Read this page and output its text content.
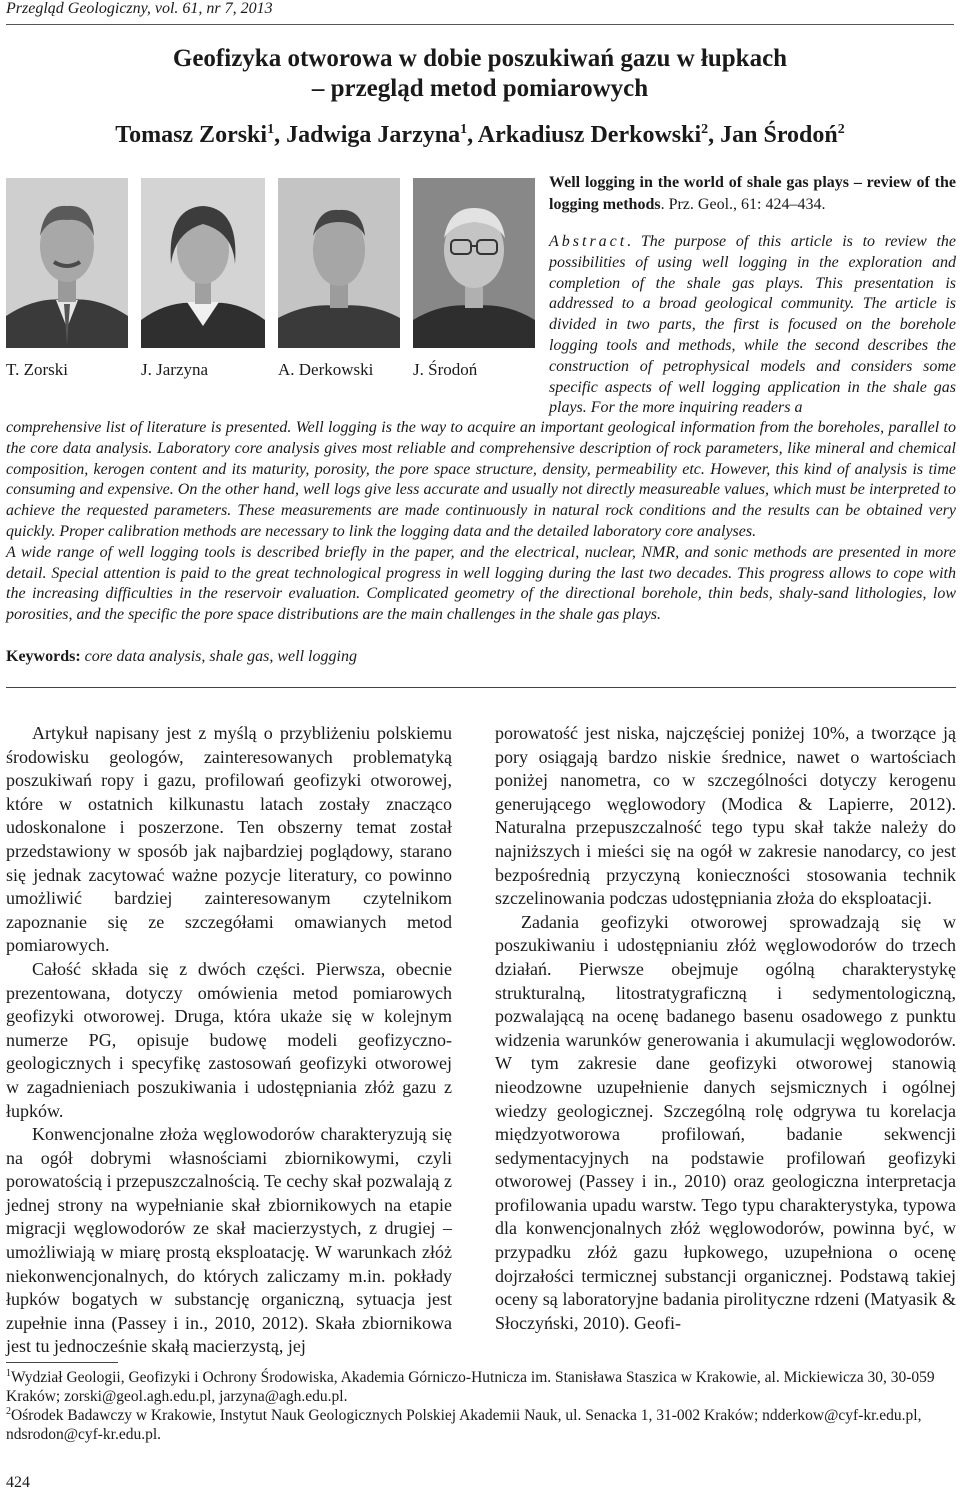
Przegląd Geologiczny, vol. 61, nr 7, 2013
Geofizyka otworowa w dobie poszukiwań gazu w łupkach
– przegląd metod pomiarowych
Tomasz Zorski$^1$, Jadwiga Jarzyna$^1$, Arkadiusz Derkowski$^2$, Jan Środoń$^2$
T. Zorski	J. Jarzyna	A. Derkowski J. Środoń
Well logging in the world of shale gas plays – review of the logging methods. Prz. Geol., 61: 424–434.
Abstract. The purpose of this article is to review the possibilities of using well logging in the exploration and completion of the shale gas plays. This presentation is addressed to a broad geological community. The article is divided in two parts, the first is focused on the borehole logging tools and methods, while the second describes the construction of petrophysical models and considers some specific aspects of well logging application in the shale gas plays. For the more inquiring readers a

comprehensive list of literature is presented. Well logging is the way to acquire an important geological information from the boreholes, parallel to the core data analysis. Laboratory core analysis gives most reliable and comprehensive description of rock parameters, like mineral and chemical composition, kerogen content and its maturity, porosity, the pore space structure, density, permeability etc. However, this kind of analysis is time consuming and expensive. On the other hand, well logs give less accurate and usually not directly measureable values, which must be interpreted to achieve the requested parameters. These measurements are made continuously in natural rock conditions and the results can be obtained very quickly. Proper calibration methods are necessary to link the logging data and the detailed laboratory core analyses.

A wide range of well logging tools is described briefly in the paper, and the electrical, nuclear, NMR, and sonic methods are presented in more detail. Special attention is paid to the great technological progress in well logging during the last two decades. This progress allows to cope with the increasing difficulties in the reservoir evaluation. Complicated geometry of the directional borehole, thin beds, shaly-sand lithologies, low porosities, and the specific the pore space distributions are the main challenges in the shale gas plays.

Keywords: core data analysis, shale gas, well logging

Artykuł napisany jest z myślą o przybliżeniu polskiemu środowisku geologów, zainteresowanych problematyką poszukiwań ropy i gazu, profilowań geofizyki otworowej, które w ostatnich kilkunastu latach zostały znacząco udoskonalone i poszerzone. Ten obszerny temat został przedstawiony w sposób jak najbardziej poglądowy, starano się jednak zacytować ważne pozycje literatury, co powinno umożliwić bardziej zainteresowanym czytelnikom zapoznanie się ze szczegółami omawianych metod pomiarowych.

Całość składa się z dwóch części. Pierwsza, obecnie prezentowana, dotyczy omówienia metod pomiarowych geofizyki otworowej. Druga, która ukaże się w kolejnym numerze PG, opisuje budowę modeli geofizyczno-geologicznych i specyfikę zastosowań geofizyki otworowej w zagadnieniach poszukiwania i udostępniania złóż gazu z łupków.

Konwencjonalne złoża węglowodorów charakteryzują się na ogół dobrymi własnościami zbiornikowymi, czyli porowatością i przepuszczalnością. Te cechy skał pozwalają z jednej strony na wypełnianie skał zbiornikowych na etapie migracji węglowodorów ze skał macierzystych, z drugiej – umożliwiają w miarę prostą eksploatację. W warunkach złóż niekonwencjonalnych, do których zaliczamy m.in. pokłady łupków bogatych w substancję organiczną, sytuacja jest zupełnie inna (Passey i in., 2010, 2012). Skała zbiornikowa jest tu jednocześnie skałą macierzystą, jej

porowatość jest niska, najczęściej poniżej 10%, a tworzące ją pory osiągają bardzo niskie średnice, nawet o wartościach poniżej nanometra, co w szczególności dotyczy kerogenu generującego węglowodory (Modica & Lapierre, 2012). Naturalna przepuszczalność tego typu skał także należy do najniższych i mieści się na ogół w zakresie nanodarcy, co jest bezpośrednią przyczyną konieczności stosowania technik szczelinowania podczas udostępniania złoża do eksploatacji.

Zadania geofizyki otworowej sprowadzają się w poszukiwaniu i udostępnianiu złóż węglowodorów do trzech działań. Pierwsze obejmuje ogólną charakterystykę strukturalną, litostratygraficzną i sedymentologiczną, pozwalającą na ocenę badanego basenu osadowego z punktu widzenia warunków generowania i akumulacji węglowodorów. W tym zakresie dane geofizyki otworowej stanowią nieodzowne uzupełnienie danych sejsmicznych i ogólnej wiedzy geologicznej. Szczególną rolę odgrywa tu korelacja międzyotworowa profilowań, badanie sekwencji sedymentacyjnych na podstawie profilowań geofizyki otworowej (Passey i in., 2010) oraz geologiczna interpretacja profilowania upadu warstw. Tego typu charakterystyka, typowa dla konwencjonalnych złóż węglowodorów, powinna być, w przypadku złóż gazu łupkowego, uzupełniona o ocenę dojrzałości termicznej substancji organicznej. Podstawą takiej oceny są laboratoryjne badania pirolityczne rdzeni (Matyasik & Słoczyński, 2010). Geofi-

$^1$Wydział Geologii, Geofizyki i Ochrony Środowiska, Akademia Górniczo-Hutnicza im. Stanisława Staszica w Krakowie, al. Mickiewicza 30, 30-059 Kraków; zorski@geol.agh.edu.pl, jarzyna@agh.edu.pl.

$^2$Ośrodek Badawczy w Krakowie, Instytut Nauk Geologicznych Polskiej Akademii Nauk, ul. Senacka 1, 31-002 Kraków; ndderkow@cyf-kr.edu.pl, ndsrodon@cyf-kr.edu.pl.

424
